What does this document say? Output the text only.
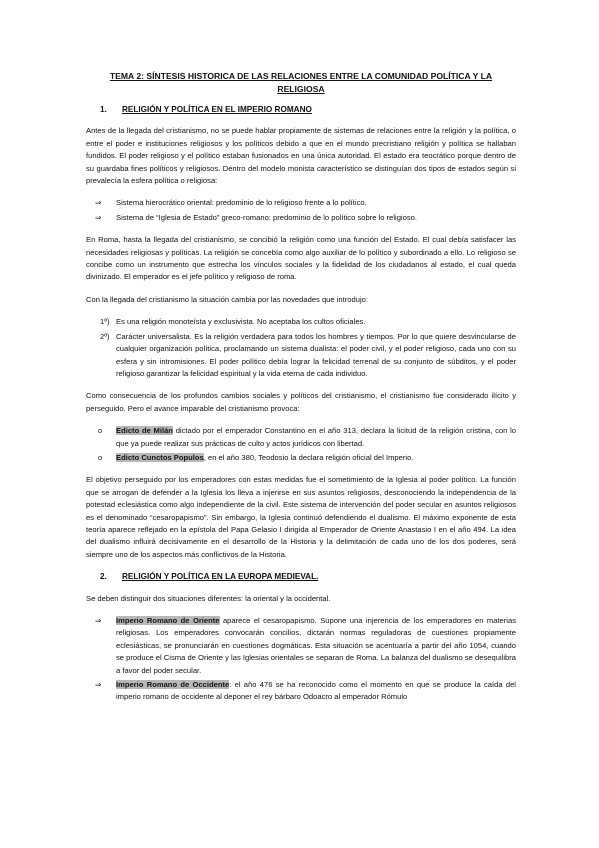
TEMA 2: SÍNTESIS HISTORICA DE LAS RELACIONES ENTRE LA COMUNIDAD POLÍTICA Y LA RELIGIOSA
1. RELIGIÓN Y POLÍTICA EN EL IMPERIO ROMANO

Antes de la llegada del cristianismo, no se puede hablar propiamente de sistemas de relaciones entre la religión y la política, o entre el poder e instituciones religiosos y los políticos debido a que en el mundo precristiano religión y política se hallaban fundidos. El poder religioso y el político estaban fusionados en una única autoridad. El estado era teocrático porque dentro de su guardaba fines políticos y religiosos. Dentro del modelo monista característico se distinguían dos tipos de estados según si prevalecía la esfera política o religiosa:

⇒ Sistema hierocrático oriental: predominio de lo religioso frente a lo político.
⇒ Sistema de “Iglesia de Estado” greco-romano: predominio de lo político sobre lo religioso.

En Roma, hasta la llegada del cristianismo, se concibió la religión como una función del Estado. El cual debía satisfacer las necesidades religiosas y políticas. La religión se concebía como algo auxiliar de lo político y subordinado a ello. Lo religioso se concibe como un instrumento que estrecha los vínculos sociales y la fidelidad de los ciudadanos al estado, el cual queda divinizado. El emperador es el jefe político y religioso de roma.

Con la llegada del cristianismo la situación cambia por las novedades que introdujo:

1º) Es una religión monoteísta y exclusivista. No aceptaba los cultos oficiales.
2º) Carácter universalista. Es la religión verdadera para todos los hombres y tiempos. Por lo que quiere desvincularse de cualquier organización política, proclamando un sistema dualista: el poder civil, y el poder religioso, cada uno con su esfera y sin intromisiones. El poder político debía lograr la felicidad terrenal de su conjunto de súbditos, y el poder religioso garantizar la felicidad espiritual y la vida eterna de cada individuo.

Como consecuencia de los profundos cambios sociales y políticos del cristianismo, el cristianismo fue considerado ilícito y perseguido. Pero el avance imparable del cristianismo provoca:

o Edicto de Milán dictado por el emperador Constantino en el año 313, declara la licitud de la religión cristina, con lo que ya puede realizar sus prácticas de culto y actos jurídicos con libertad.
o Edicto Cunctos Populos, en el año 380, Teodosio la declara religión oficial del Imperio.

El objetivo perseguido por los emperadores con estas medidas fue el sometimiento de la Iglesia al poder político. La función que se arrogan de defender a la Iglesia los lleva a injerirse en sus asuntos religiosos, desconociendo la independencia de la potestad eclesiástica como algo independiente de la civil. Este sistema de intervención del poder secular en asuntos religiosos es el denominado “cesaropapismo”. Sin embargo, la Iglesia continuó defendiendo el dualismo. El máximo exponente de esta teoría aparece reflejado en la epístola del Papa Gelasio I dirigida al Emperador de Oriente Anastasio I en el año 494. La idea del dualismo influirá decisivamente en el desarrollo de la Historia y la delimitación de cada uno de los dos poderes, será siempre uno de los aspectos más conflictivos de la Historia.

2. RELIGIÓN Y POLÍTICA EN LA EUROPA MEDIEVAL.

Se deben distinguir dos situaciones diferentes: la oriental y la occidental.

⇒ Imperio Romano de Oriente aparece el cesaropapismo. Supone una injerencia de los emperadores en materias religiosas. Los emperadores convocarán concilios, dictarán normas reguladoras de cuestiones propiamente eclesiásticas, se pronunciarán en cuestiones dogmáticas. Esta situación se acentuaría a partir del año 1054, cuando se produce el Cisma de Oriente y las Iglesias orientales se separan de Roma. La balanza del dualismo se desequilibra a favor del poder secular.
⇒ Imperio Romano de Occidente: el año 476 se ha reconocido como el momento en que se produce la caída del imperio romano de occidente al deponer el rey bárbaro Odoacro al emperador Rómulo
